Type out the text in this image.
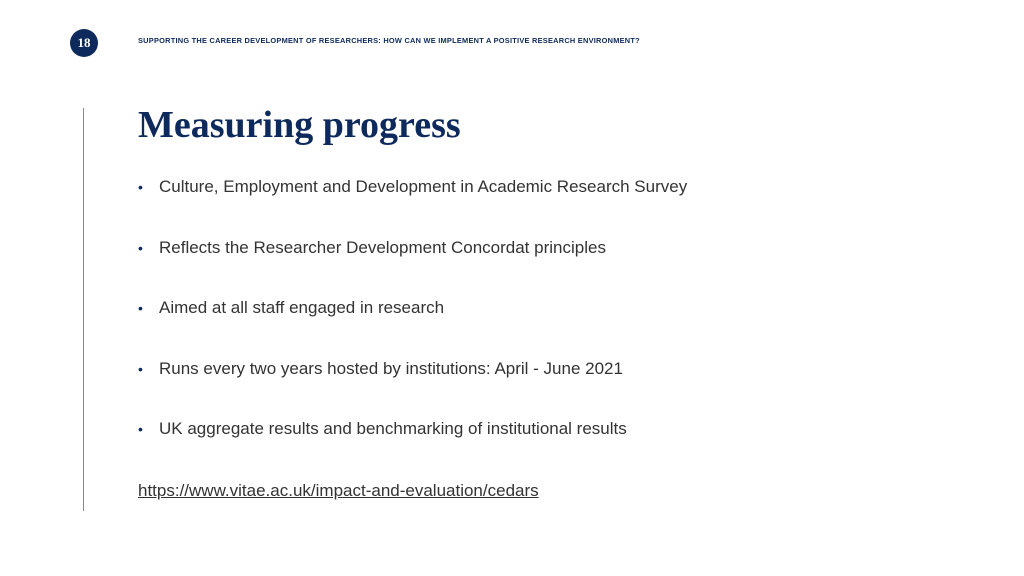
18	SUPPORTING THE CAREER DEVELOPMENT OF RESEARCHERS: HOW CAN WE IMPLEMENT A POSITIVE RESEARCH ENVIRONMENT?
Measuring progress
• Culture, Employment and Development in Academic Research Survey
• Reflects the Researcher Development Concordat principles
• Aimed at all staff engaged in research
• Runs every two years hosted by institutions: April - June 2021
• UK aggregate results and benchmarking of institutional results
https://www.vitae.ac.uk/impact-and-evaluation/cedars
